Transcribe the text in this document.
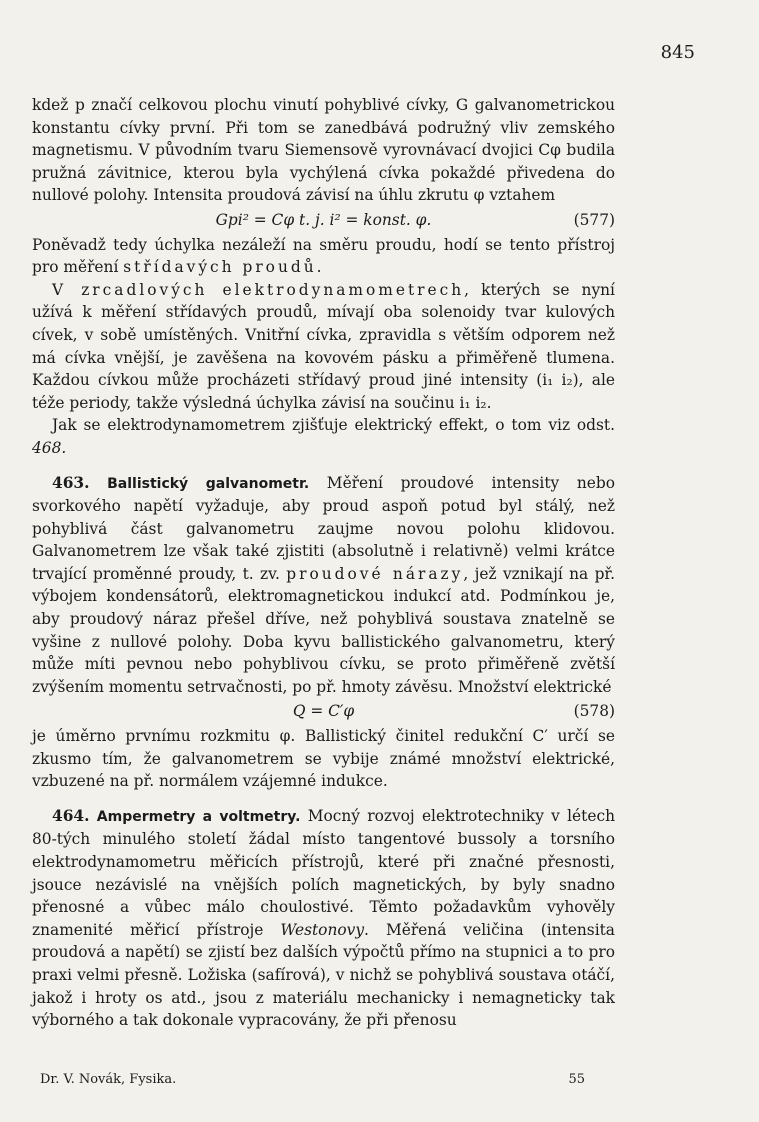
845

kdež p značí celkovou plochu vinutí pohyblivé cívky, G galvanometrickou konstantu cívky první. Při tom se zanedbává podružný vliv zemského magnetismu. V původním tvaru Siemensově vyrovnávací dvojici Cφ budila pružná závitnice, kterou byla vychýlená cívka pokaždé přivedena do nullové polohy. Intensita proudová závisí na úhlu zkrutu φ vztahem

Gpi² = Cφ t. j. i² = konst. φ.	(577)

Poněvadž tedy úchylka nezáleží na směru proudu, hodí se tento přístroj pro měření střídavých proudů.

V zrcadlových elektrodynamometrech, kterých se nyní užívá k měření střídavých proudů, mívají oba solenoidy tvar kulových cívek, v sobě umístěných. Vnitřní cívka, zpravidla s větším odporem než má cívka vnější, je zavěšena na kovovém pásku a přiměřeně tlumena. Každou cívkou může procházeti střídavý proud jiné intensity (i₁ i₂), ale téže periody, takže výsledná úchylka závisí na součinu i₁ i₂.

Jak se elektrodynamometrem zjišťuje elektrický effekt, o tom viz odst. 468.

463. Ballistický galvanometr. Měření proudové intensity nebo svorkového napětí vyžaduje, aby proud aspoň potud byl stálý, než pohyblivá část galvanometru zaujme novou polohu klidovou. Galvanometrem lze však také zjistiti (absolutně i relativně) velmi krátce trvající proměnné proudy, t. zv. proudové nárazy, jež vznikají na př. výbojem kondensátorů, elektromagnetickou indukcí atd. Podmínkou je, aby proudový náraz přešel dříve, než pohyblivá soustava znatelně se vyšine z nullové polohy. Doba kyvu ballistického galvanometru, který může míti pevnou nebo pohyblivou cívku, se proto přiměřeně zvětší zvýšením momentu setrvačnosti, po př. hmoty závěsu. Množství elektrické

Q = C′φ	(578)

je úměrno prvnímu rozkmitu φ. Ballistický činitel redukční C′ určí se zkusmo tím, že galvanometrem se vybije známé množství elektrické, vzbuzené na př. normálem vzájemné indukce.

464. Ampermetry a voltmetry. Mocný rozvoj elektrotechniky v létech 80-tých minulého století žádal místo tangentové bussoly a torsního elektrodynamometru měřicích přístrojů, které při značné přesnosti, jsouce nezávislé na vnějších polích magnetických, by byly snadno přenosné a vůbec málo choulostivé. Těmto požadavkům vyhověly znamenité měřicí přístroje Westonovy. Měřená veličina (intensita proudová a napětí) se zjistí bez dalších výpočtů přímo na stupnici a to pro praxi velmi přesně. Ložiska (safírová), v nichž se pohyblivá soustava otáčí, jakož i hroty os atd., jsou z materiálu mechanicky i nemagneticky tak výborného a tak dokonale vypracovány, že při přenosu

Dr. V. Novák, Fysika.	55
